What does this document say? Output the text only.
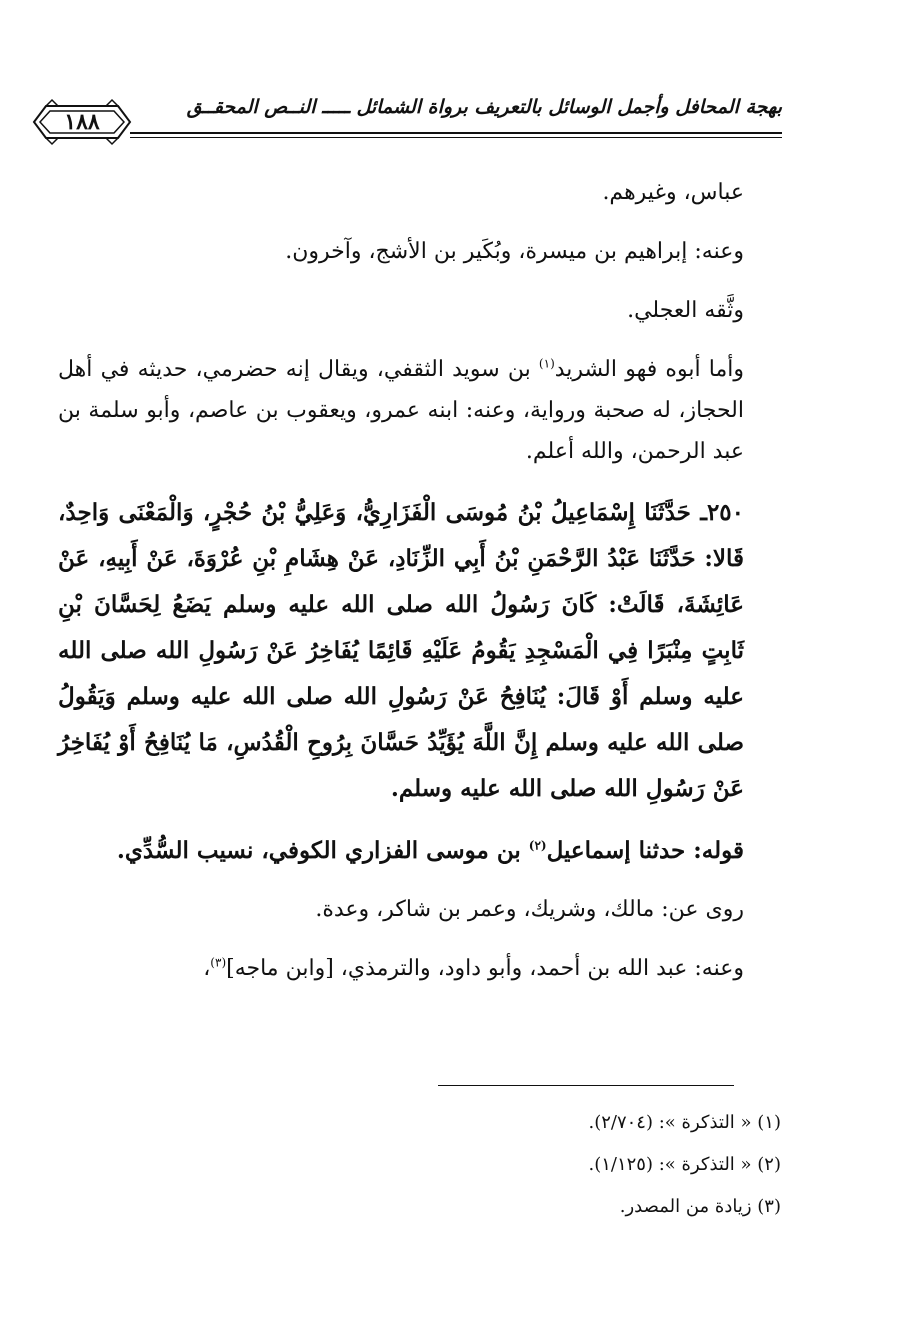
بهجة المحافل وأجمل الوسائل بالتعريف برواة الشمائل ـــــ النــص المحقــق
١٨٨

عباس، وغيرهم.

وعنه: إبراهيم بن ميسرة، وبُكَير بن الأشج، وآخرون.

وثَّقه العجلي.

وأما أبوه فهو الشريد$^{(١)}$ بن سويد الثقفي، ويقال إنه حضرمي، حديثه في أهل الحجاز، له صحبة ورواية، وعنه: ابنه عمرو، ويعقوب بن عاصم، وأبو سلمة بن عبد الرحمن، والله أعلم.

٢٥٠ـ حَدَّثَنَا إِسْمَاعِيلُ بْنُ مُوسَى الْفَزَارِيُّ، وَعَلِيُّ بْنُ حُجْرٍ، وَالْمَعْنَى وَاحِدٌ، قَالا: حَدَّثَنَا عَبْدُ الرَّحْمَنِ بْنُ أَبِي الزِّنَادِ، عَنْ هِشَامِ بْنِ عُرْوَةَ، عَنْ أَبِيهِ، عَنْ عَائِشَةَ، قَالَتْ: كَانَ رَسُولُ الله صلى الله عليه وسلم يَضَعُ لِحَسَّانَ بْنِ ثَابِتٍ مِنْبَرًا فِي الْمَسْجِدِ يَقُومُ عَلَيْهِ قَائِمًا يُفَاخِرُ عَنْ رَسُولِ الله صلى الله عليه وسلم أَوْ قَالَ: يُنَافِحُ عَنْ رَسُولِ الله صلى الله عليه وسلم وَيَقُولُ صلى الله عليه وسلم إِنَّ اللَّهَ يُؤَيِّدُ حَسَّانَ بِرُوحِ الْقُدُسِ، مَا يُنَافِحُ أَوْ يُفَاخِرُ عَنْ رَسُولِ الله صلى الله عليه وسلم.

قوله: حدثنا إسماعيل$^{(٢)}$ بن موسى الفزاري الكوفي، نسيب السُّدِّي.

روى عن: مالك، وشريك، وعمر بن شاكر، وعدة.

وعنه: عبد الله بن أحمد، وأبو داود، والترمذي، [وابن ماجه]$^{(٣)}$،

(١) « التذكرة »: (٢/٧٠٤).
(٢) « التذكرة »: (١/١٢٥).
(٣) زيادة من المصدر.
